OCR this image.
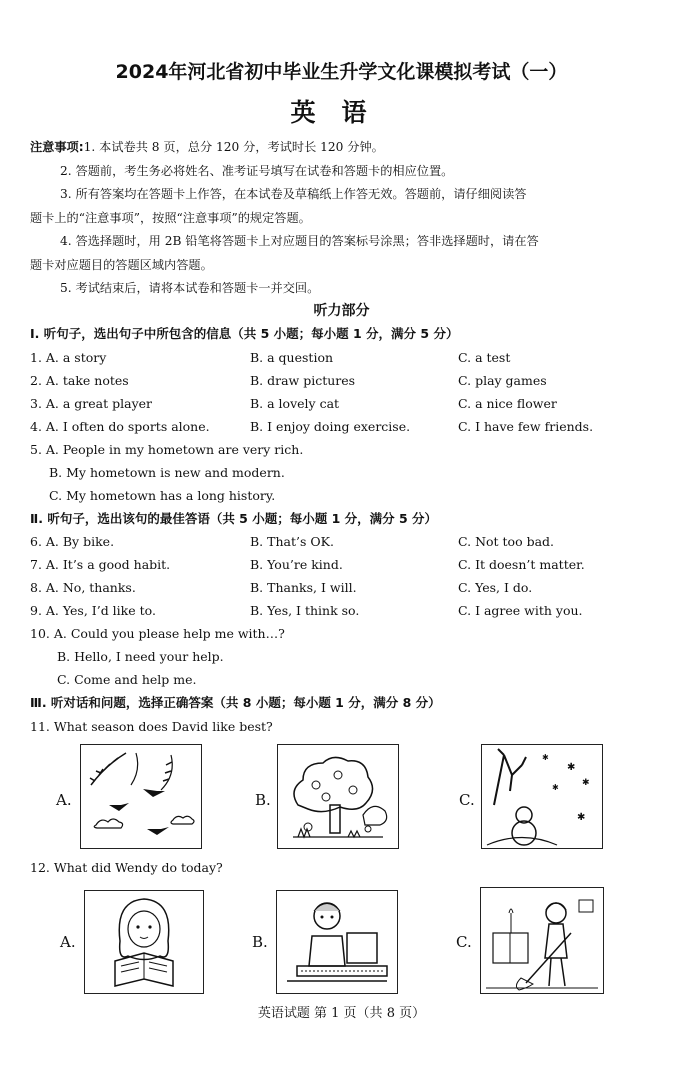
2024年河北省初中毕业生升学文化课模拟考试（一）
英语

注意事项:1. 本试卷共 8 页，总分 120 分，考试时长 120 分钟。

2. 答题前，考生务必将姓名、准考证号填写在试卷和答题卡的相应位置。

3. 所有答案均在答题卡上作答，在本试卷及草稿纸上作答无效。答题前，请仔细阅读答

题卡上的“注意事项”，按照“注意事项”的规定答题。

4. 答选择题时，用 2B 铅笔将答题卡上对应题目的答案标号涂黑；答非选择题时，请在答

题卡对应题目的答题区域内答题。

5. 考试结束后，请将本试卷和答题卡一并交回。

听力部分
Ⅰ. 听句子，选出句子中所包含的信息（共 5 小题；每小题 1 分，满分 5 分）
1. A. a story	B. a question	C. a test
2. A. take notes	B. draw pictures	C. play games
3. A. a great player	B. a lovely cat	C. a nice flower
4. A. I often do sports alone.	B. I enjoy doing exercise.	C. I have few friends.
5. A. People in my hometown are very rich.
B. My hometown is new and modern.
C. My hometown has a long history.
Ⅱ. 听句子，选出该句的最佳答语（共 5 小题；每小题 1 分，满分 5 分）
6. A. By bike.	B. That’s OK.	C. Not too bad.
7. A. It’s a good habit.	B. You’re kind.	C. It doesn’t matter.
8. A. No, thanks.	B. Thanks, I will.	C. Yes, I do.
9. A. Yes, I’d like to.	B. Yes, I think so.	C. I agree with you.
10. A. Could you please help me with…?
B. Hello, I need your help.
C. Come and help me.
Ⅲ. 听对话和问题，选择正确答案（共 8 小题；每小题 1 分，满分 8 分）
11. What season does David like best?
A.	B.	C.
✱
✱
✱
✱
✱
12. What did Wendy do today?
A.	B.	C.
英语试题 第 1 页（共 8 页）
